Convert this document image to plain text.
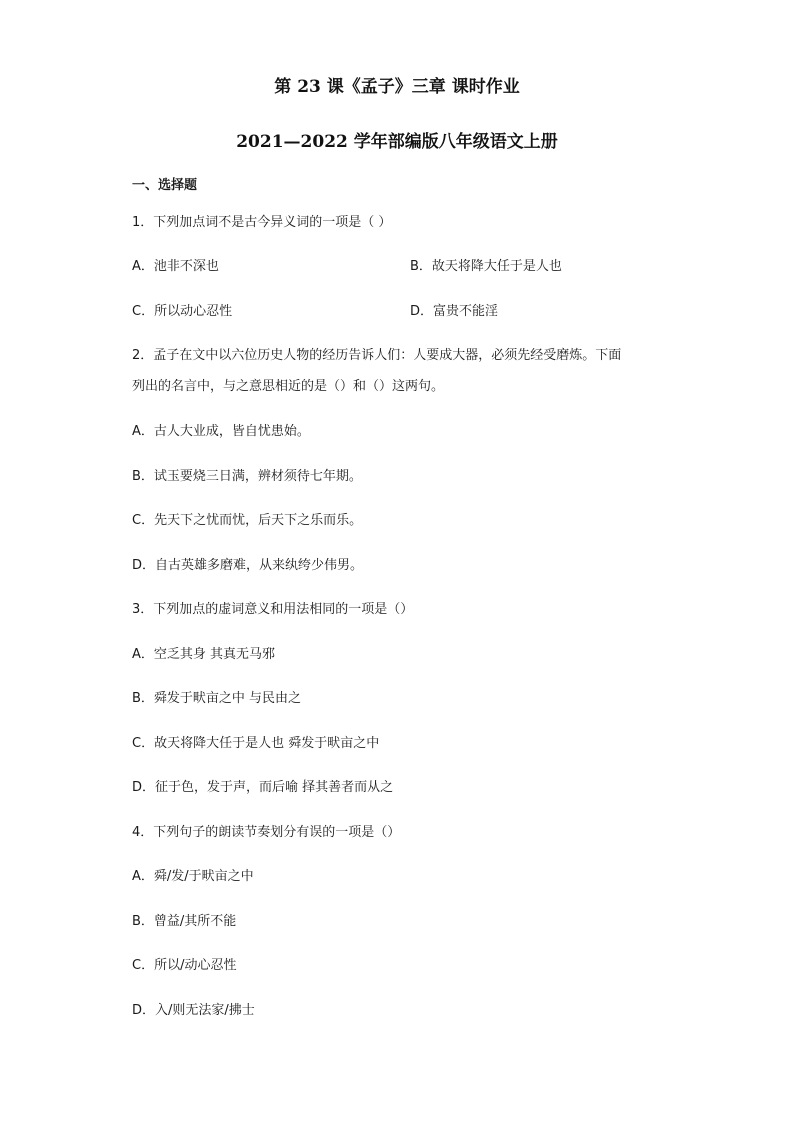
第 23 课《孟子》三章 课时作业
2021—2022 学年部编版八年级语文上册
一、选择题
1．下列加点词不是古今异义词的一项是（ ）
A．池非不深也	B．故天将降大任于是人也
C．所以动心忍性	D．富贵不能淫
2．孟子在文中以六位历史人物的经历告诉人们：人要成大器，必须先经受磨炼。下面
列出的名言中，与之意思相近的是（）和（）这两句。
A．古人大业成，皆自忧患始。
B．试玉要烧三日满，辨材须待七年期。
C．先天下之忧而忧，后天下之乐而乐。
D．自古英雄多磨难，从来纨绔少伟男。
3．下列加点的虚词意义和用法相同的一项是（）
A．空乏其身 其真无马邪
B．舜发于畎亩之中 与民由之
C．故天将降大任于是人也 舜发于畎亩之中
D．征于色，发于声，而后喻 择其善者而从之
4．下列句子的朗读节奏划分有误的一项是（）
A．舜/发/于畎亩之中
B．曾益/其所不能
C．所以/动心忍性
D．入/则无法家/拂士
